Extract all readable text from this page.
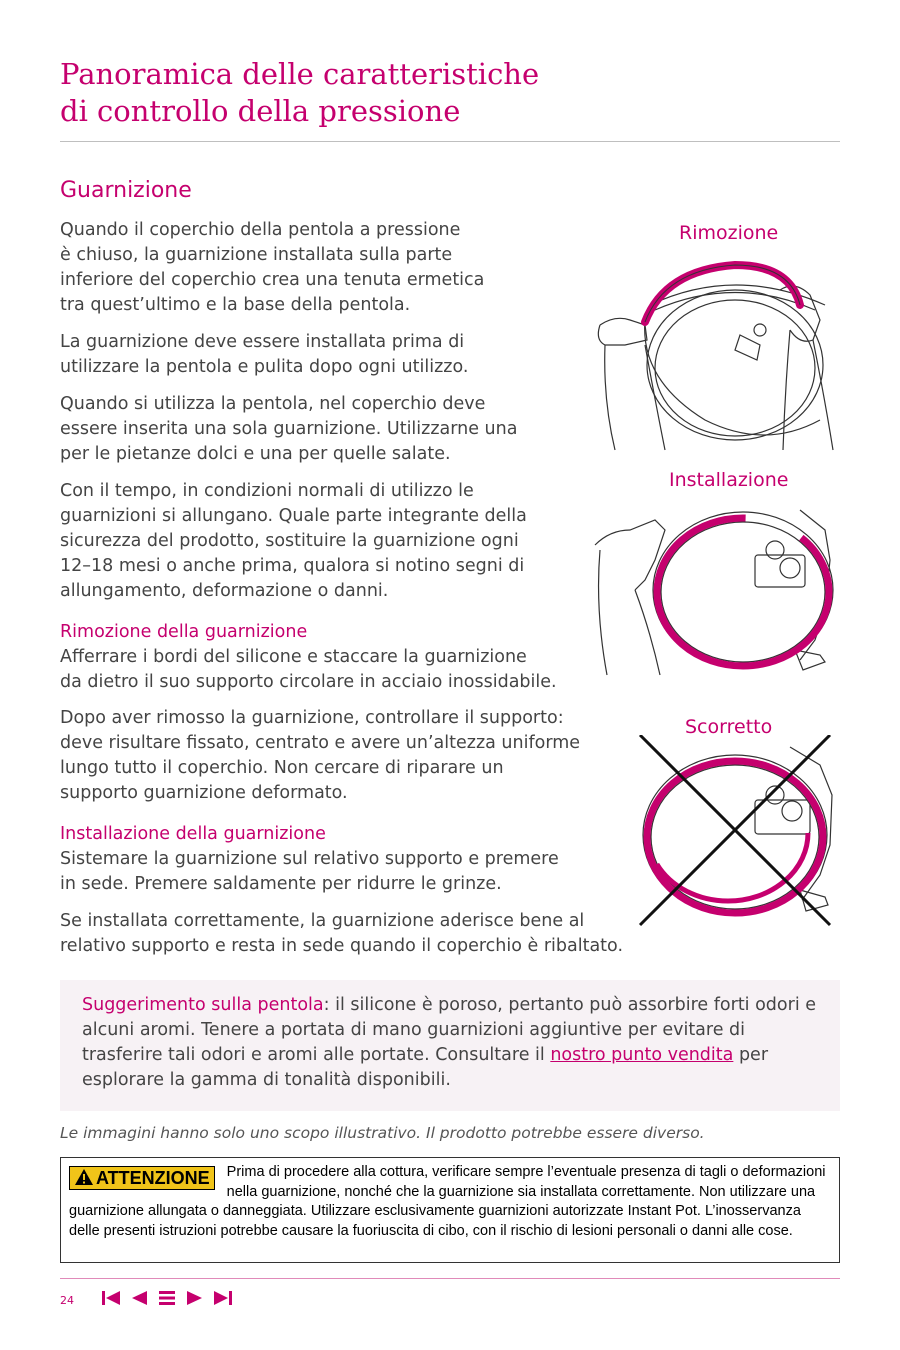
Panoramica delle caratteristiche
di controllo della pressione
Guarnizione

Quando il coperchio della pentola a pressione
è chiuso, la guarnizione installata sulla parte
inferiore del coperchio crea una tenuta ermetica
tra quest’ultimo e la base della pentola.

La guarnizione deve essere installata prima di
utilizzare la pentola e pulita dopo ogni utilizzo.

Quando si utilizza la pentola, nel coperchio deve
essere inserita una sola guarnizione. Utilizzarne una
per le pietanze dolci e una per quelle salate.

Con il tempo, in condizioni normali di utilizzo le
guarnizioni si allungano. Quale parte integrante della
sicurezza del prodotto, sostituire la guarnizione ogni
12–18 mesi o anche prima, qualora si notino segni di
allungamento, deformazione o danni.

Rimozione della guarnizione

Afferrare i bordi del silicone e staccare la guarnizione
da dietro il suo supporto circolare in acciaio inossidabile.

Dopo aver rimosso la guarnizione, controllare il supporto:
deve risultare fissato, centrato e avere un’altezza uniforme
lungo tutto il coperchio. Non cercare di riparare un
supporto guarnizione deformato.

Installazione della guarnizione

Sistemare la guarnizione sul relativo supporto e premere
in sede. Premere saldamente per ridurre le grinze.

Se installata correttamente, la guarnizione aderisce bene al
relativo supporto e resta in sede quando il coperchio è ribaltato.

Rimozione
Installazione
Scorretto
Suggerimento sulla pentola: il silicone è poroso, pertanto può assorbire forti odori e alcuni aromi. Tenere a portata di mano guarnizioni aggiuntive per evitare di trasferire tali odori e aromi alle portate. Consultare il nostro punto vendita per esplorare la gamma di tonalità disponibili.
Le immagini hanno solo uno scopo illustrativo. Il prodotto potrebbe essere diverso.
ATTENZIONE	Prima di procedere alla cottura, verificare sempre l’eventuale presenza di tagli o deformazioni nella guarnizione, nonché che la guarnizione sia installata correttamente. Non utilizzare una guarnizione allungata o danneggiata. Utilizzare esclusivamente guarnizioni autorizzate Instant Pot. L’inosservanza delle presenti istruzioni potrebbe causare la fuoriuscita di cibo, con il rischio di lesioni personali o danni alle cose.
24
